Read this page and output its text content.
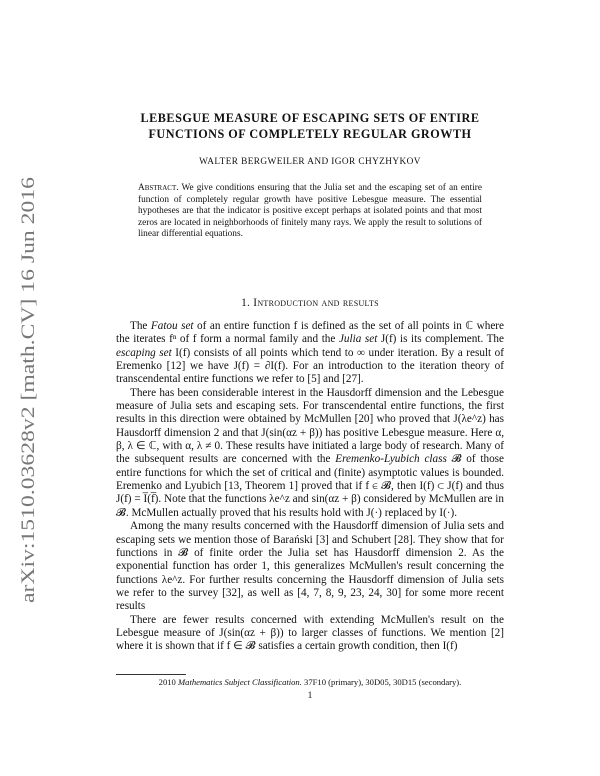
arXiv:1510.03628v2 [math.CV] 16 Jun 2016
LEBESGUE MEASURE OF ESCAPING SETS OF ENTIRE
FUNCTIONS OF COMPLETELY REGULAR GROWTH
WALTER BERGWEILER AND IGOR CHYZHYKOV
Abstract. We give conditions ensuring that the Julia set and the escaping set of an entire function of completely regular growth have positive Lebesgue measure. The essential hypotheses are that the indicator is positive except perhaps at isolated points and that most zeros are located in neighborhoods of finitely many rays. We apply the result to solutions of linear differential equations.
1. Introduction and results

The Fatou set of an entire function f is defined as the set of all points in ℂ where the iterates fⁿ of f form a normal family and the Julia set J(f) is its complement. The escaping set I(f) consists of all points which tend to ∞ under iteration. By a result of Eremenko [12] we have J(f) = ∂I(f). For an introduction to the iteration theory of transcendental entire functions we refer to [5] and [27].

There has been considerable interest in the Hausdorff dimension and the Lebesgue measure of Julia sets and escaping sets. For transcendental entire functions, the first results in this direction were obtained by McMullen [20] who proved that J(λe^z) has Hausdorff dimension 2 and that J(sin(αz + β)) has positive Lebesgue measure. Here α, β, λ ∈ ℂ, with α, λ ≠ 0. These results have initiated a large body of research. Many of the subsequent results are concerned with the Eremenko-Lyubich class 𝓑 of those entire functions for which the set of critical and (finite) asymptotic values is bounded. Eremenko and Lyubich [13, Theorem 1] proved that if f ∈ 𝓑, then I(f) ⊂ J(f) and thus J(f) = I̅(f̅). Note that the functions λe^z and sin(αz + β) considered by McMullen are in 𝓑. McMullen actually proved that his results hold with J(·) replaced by I(·).

Among the many results concerned with the Hausdorff dimension of Julia sets and escaping sets we mention those of Barański [3] and Schubert [28]. They show that for functions in 𝓑 of finite order the Julia set has Hausdorff dimension 2. As the exponential function has order 1, this generalizes McMullen's result concerning the functions λe^z. For further results concerning the Hausdorff dimension of Julia sets we refer to the survey [32], as well as [4, 7, 8, 9, 23, 24, 30] for some more recent results

There are fewer results concerned with extending McMullen's result on the Lebesgue measure of J(sin(αz + β)) to larger classes of functions. We mention [2] where it is shown that if f ∈ 𝓑 satisfies a certain growth condition, then I(f)

2010 Mathematics Subject Classification. 37F10 (primary), 30D05, 30D15 (secondary).
1
